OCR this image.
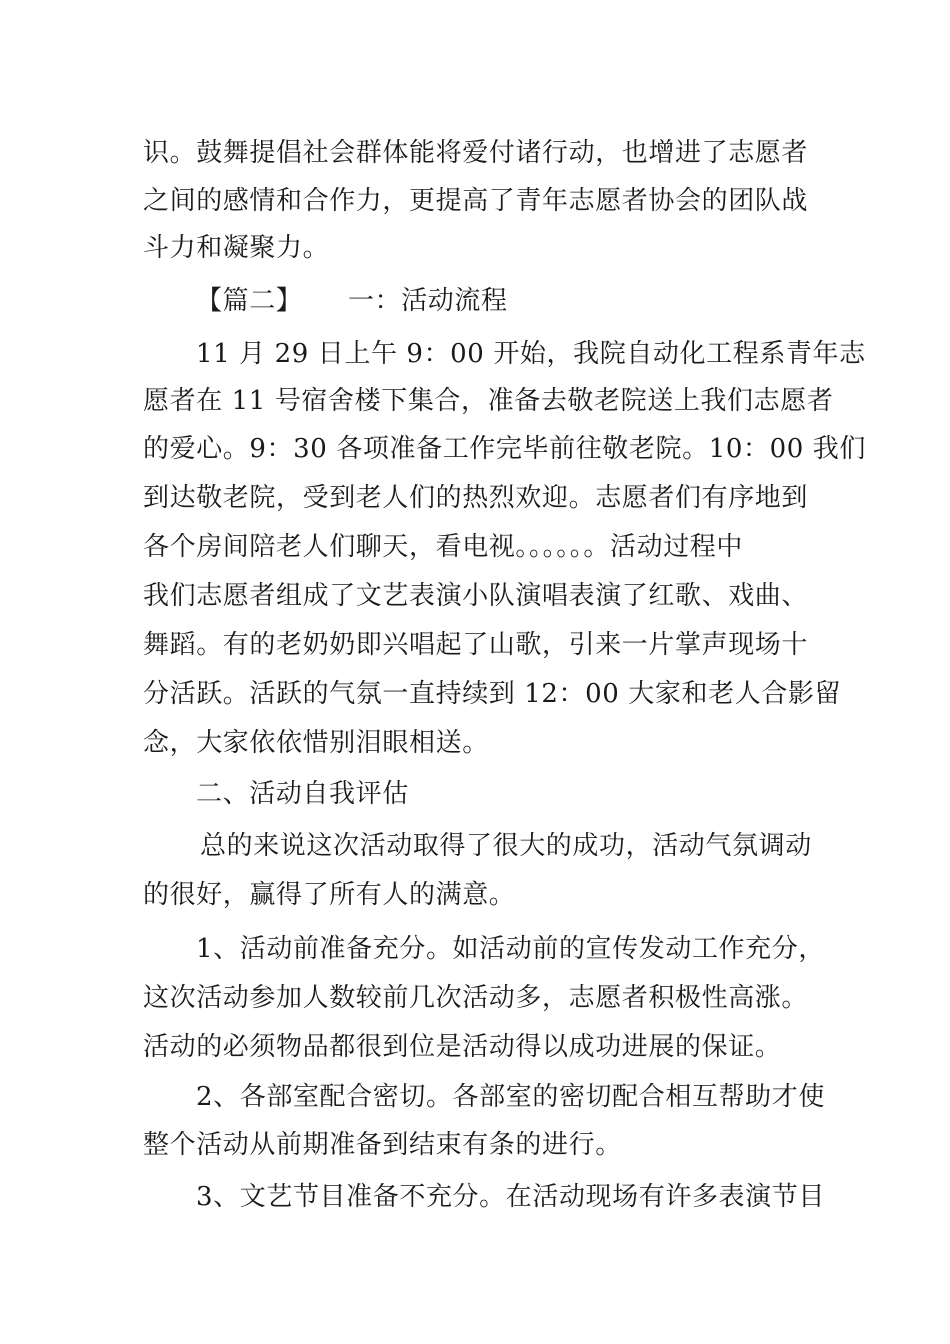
识。鼓舞提倡社会群体能将爱付诸行动，也增进了志愿者
之间的感情和合作力，更提高了青年志愿者协会的团队战
斗力和凝聚力。
【篇二】	一：活动流程
11 月 29 日上午 9：00 开始，我院自动化工程系青年志
愿者在 11 号宿舍楼下集合，准备去敬老院送上我们志愿者
的爱心。9：30 各项准备工作完毕前往敬老院。10：00 我们
到达敬老院，受到老人们的热烈欢迎。志愿者们有序地到
各个房间陪老人们聊天，看电视。。。。。。活动过程中
我们志愿者组成了文艺表演小队演唱表演了红歌、戏曲、
舞蹈。有的老奶奶即兴唱起了山歌，引来一片掌声现场十
分活跃。活跃的气氛一直持续到 12：00 大家和老人合影留
念，大家依依惜别泪眼相送。
二、活动自我评估
总的来说这次活动取得了很大的成功，活动气氛调动
的很好，赢得了所有人的满意。
1、活动前准备充分。如活动前的宣传发动工作充分，
这次活动参加人数较前几次活动多，志愿者积极性高涨。
活动的必须物品都很到位是活动得以成功进展的保证。
2、各部室配合密切。各部室的密切配合相互帮助才使
整个活动从前期准备到结束有条的进行。
3、文艺节目准备不充分。在活动现场有许多表演节目
